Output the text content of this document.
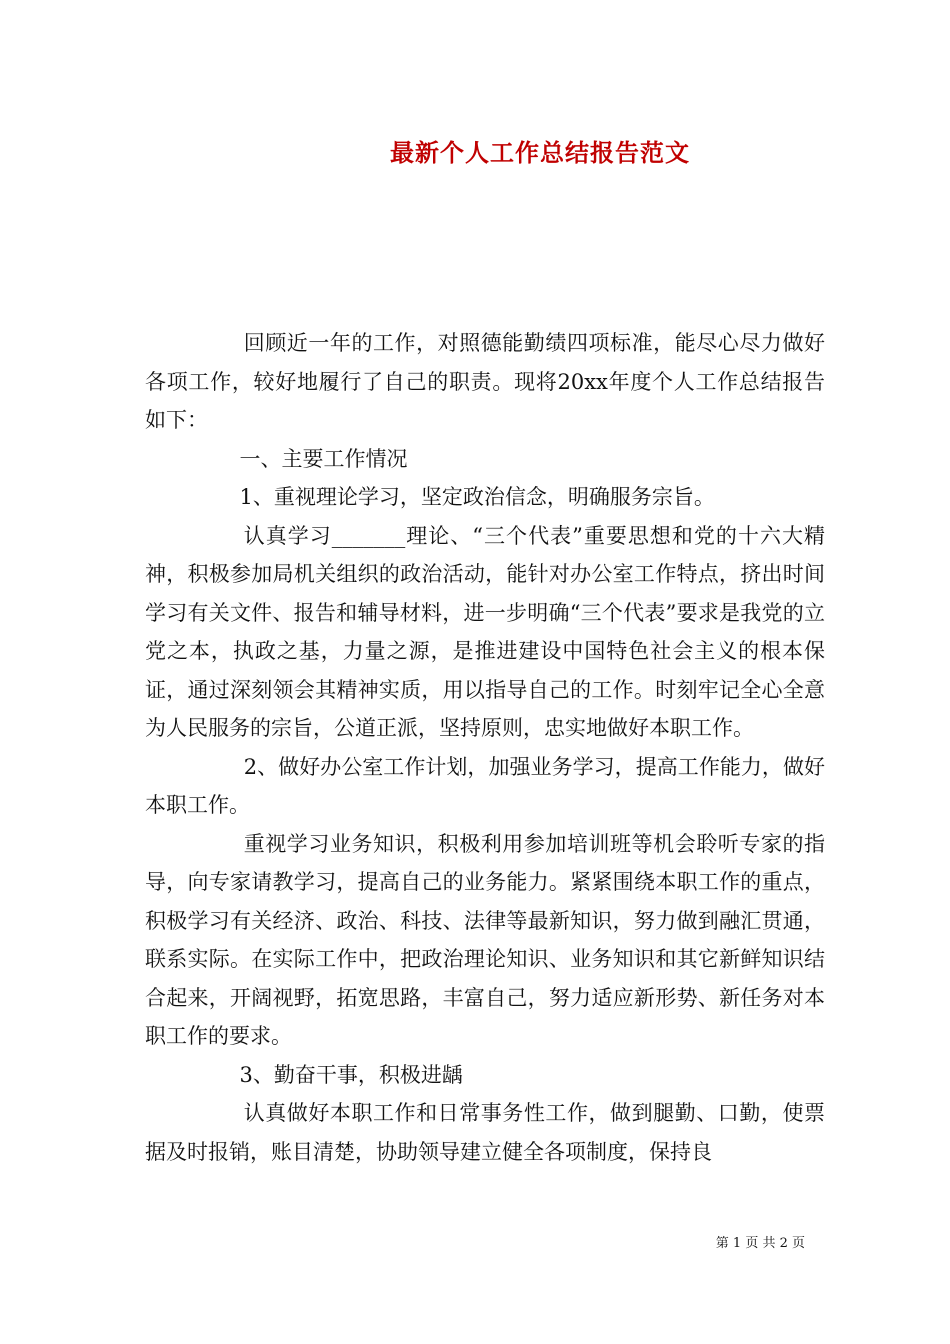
最新个人工作总结报告范文

回顾近一年的工作，对照德能勤绩四项标准，能尽心尽力做好各项工作，较好地履行了自己的职责。现将20xx年度个人工作总结报告如下：

一、主要工作情况

1、重视理论学习，坚定政治信念，明确服务宗旨。

认真学习_______理论、“三个代表”重要思想和党的十六大精神，积极参加局机关组织的政治活动，能针对办公室工作特点，挤出时间学习有关文件、报告和辅导材料，进一步明确“三个代表”要求是我党的立党之本，执政之基，力量之源，是推进建设中国特色社会主义的根本保证，通过深刻领会其精神实质，用以指导自己的工作。时刻牢记全心全意为人民服务的宗旨，公道正派，坚持原则，忠实地做好本职工作。

2、做好办公室工作计划，加强业务学习，提高工作能力，做好本职工作。

重视学习业务知识，积极利用参加培训班等机会聆听专家的指导，向专家请教学习，提高自己的业务能力。紧紧围绕本职工作的重点，积极学习有关经济、政治、科技、法律等最新知识，努力做到融汇贯通，联系实际。在实际工作中，把政治理论知识、业务知识和其它新鲜知识结合起来，开阔视野，拓宽思路，丰富自己，努力适应新形势、新任务对本职工作的要求。

3、勤奋干事，积极进龋

认真做好本职工作和日常事务性工作，做到腿勤、口勤，使票据及时报销，账目清楚，协助领导建立健全各项制度，保持良

第 1 页 共 2 页
